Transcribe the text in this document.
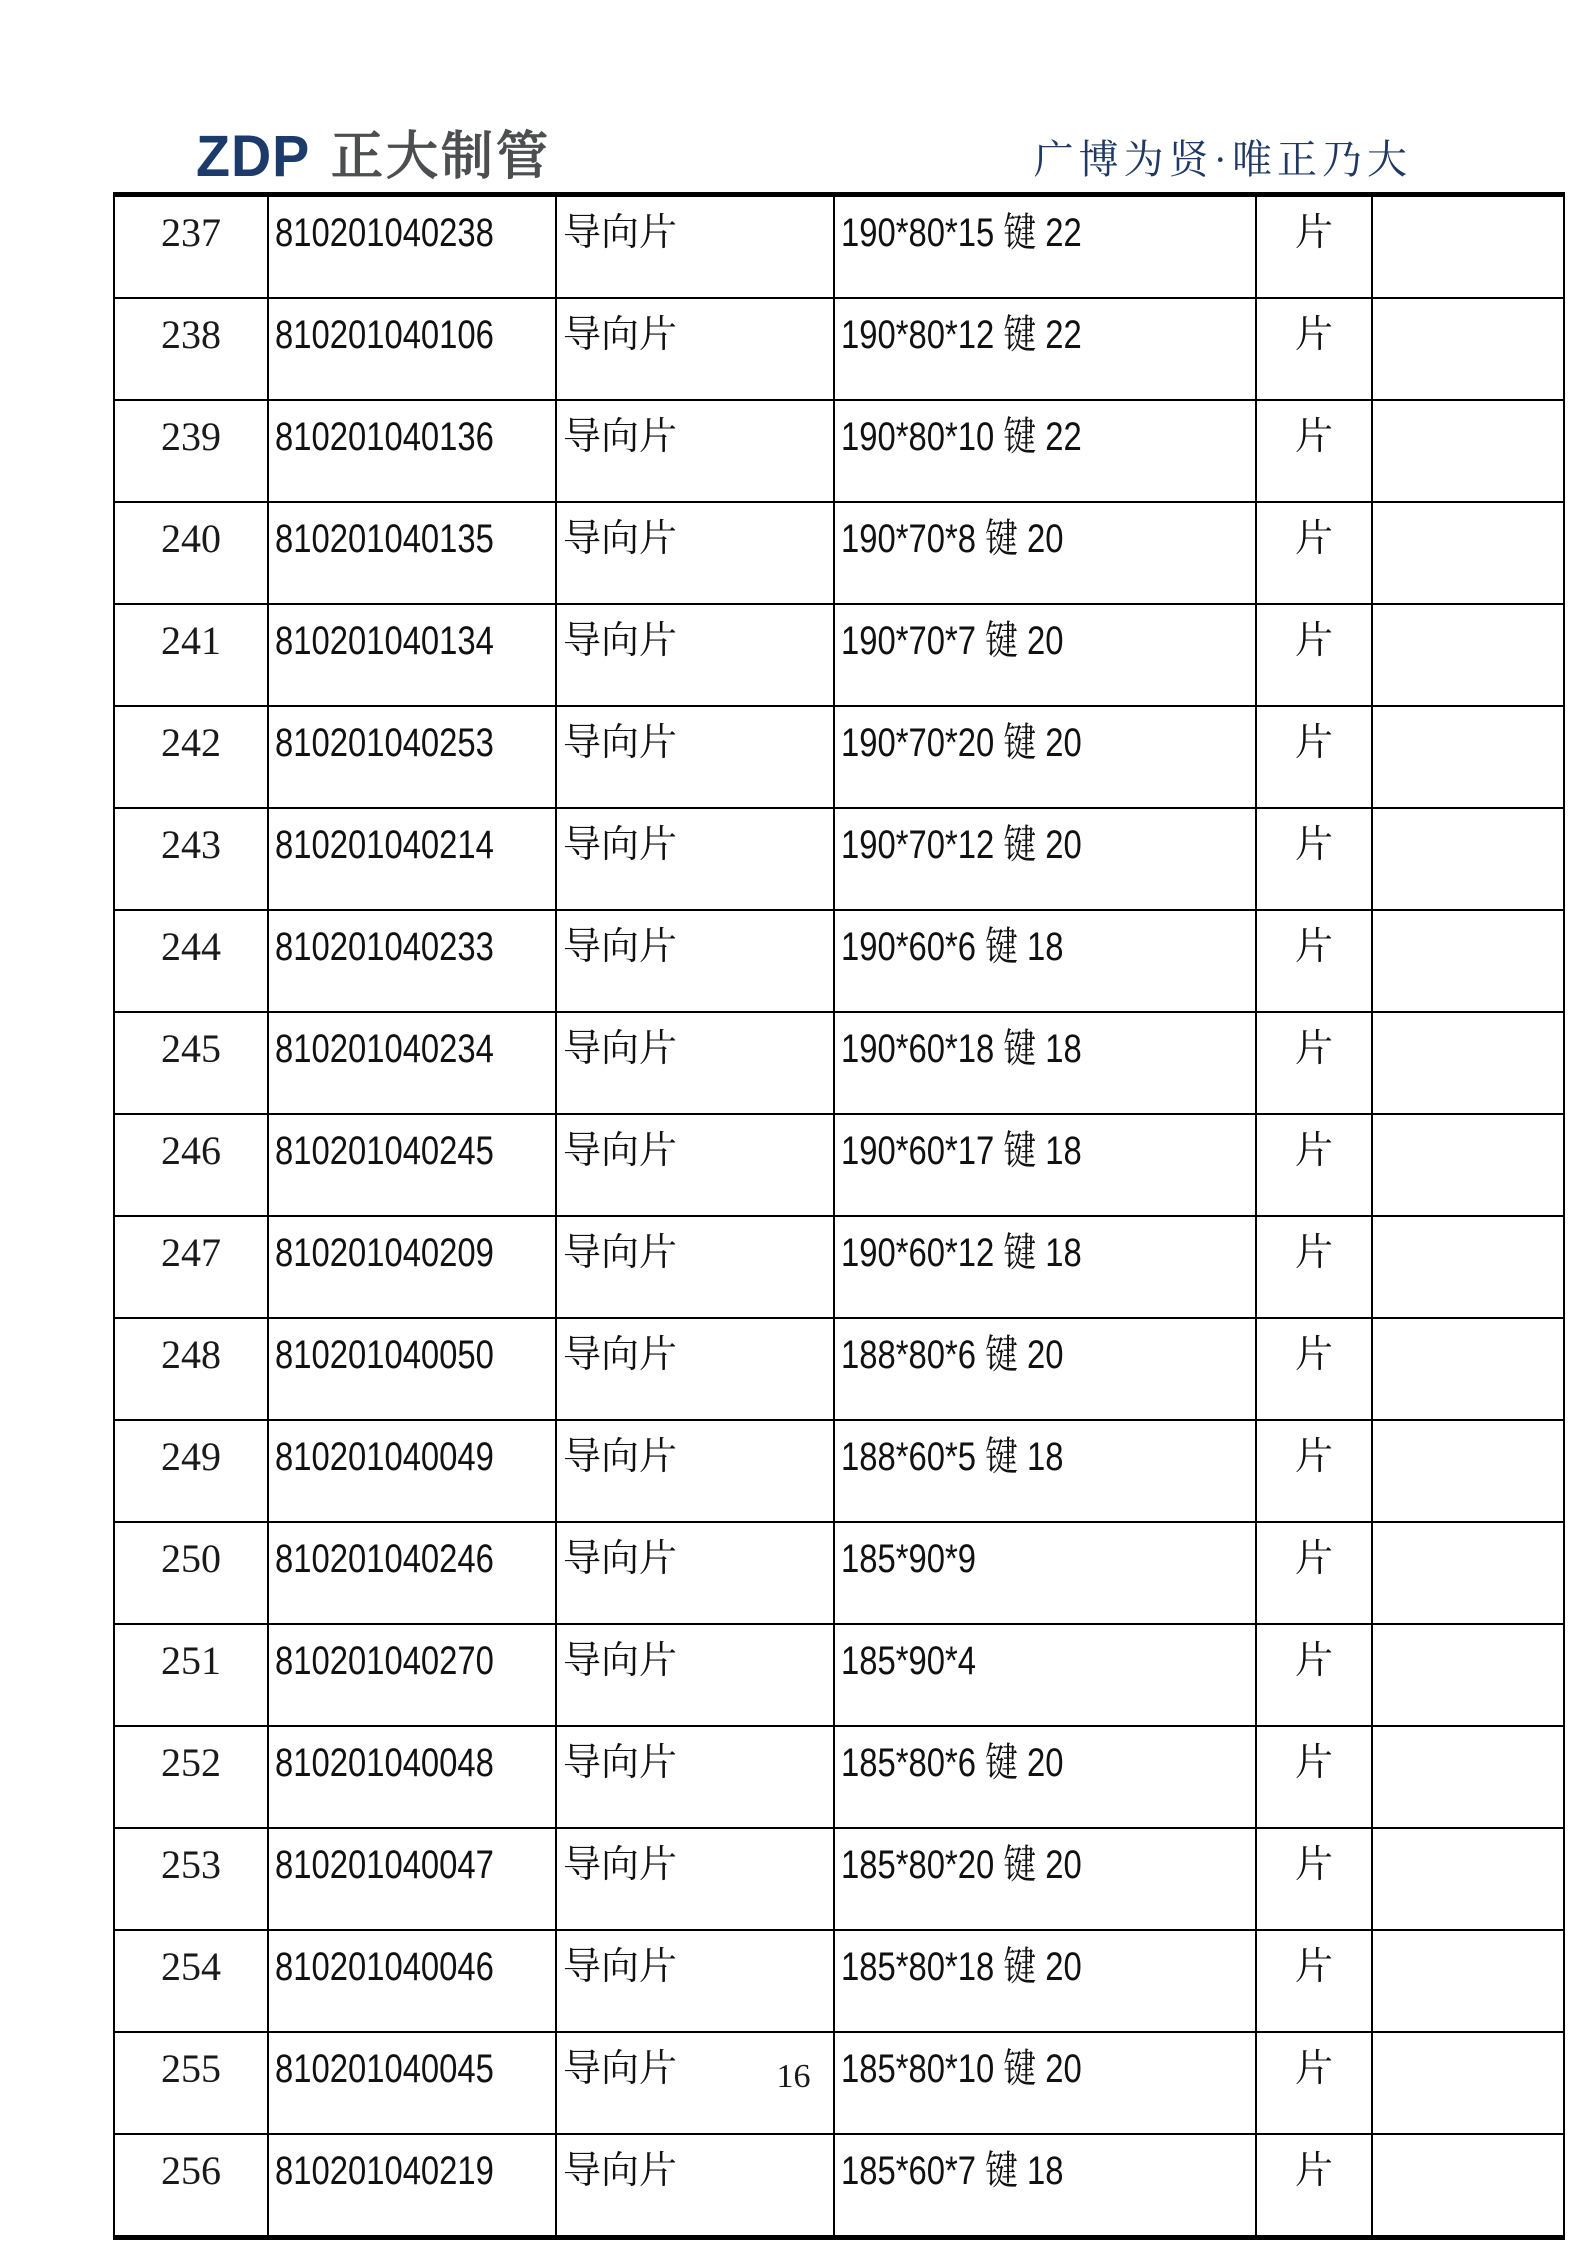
ZDP 正大制管	广博为贤·唯正乃大
237	810201040238	导向片	190*80*15 键 22	片	
238	810201040106	导向片	190*80*12 键 22	片	
239	810201040136	导向片	190*80*10 键 22	片	
240	810201040135	导向片	190*70*8 键 20	片	
241	810201040134	导向片	190*70*7 键 20	片	
242	810201040253	导向片	190*70*20 键 20	片	
243	810201040214	导向片	190*70*12 键 20	片	
244	810201040233	导向片	190*60*6 键 18	片	
245	810201040234	导向片	190*60*18 键 18	片	
246	810201040245	导向片	190*60*17 键 18	片	
247	810201040209	导向片	190*60*12 键 18	片	
248	810201040050	导向片	188*80*6 键 20	片	
249	810201040049	导向片	188*60*5 键 18	片	
250	810201040246	导向片	185*90*9	片	
251	810201040270	导向片	185*90*4	片	
252	810201040048	导向片	185*80*6 键 20	片	
253	810201040047	导向片	185*80*20 键 20	片	
254	810201040046	导向片	185*80*18 键 20	片	
255	810201040045	导向片	185*80*10 键 20	片	
256	810201040219	导向片	185*60*7 键 18	片	
16
